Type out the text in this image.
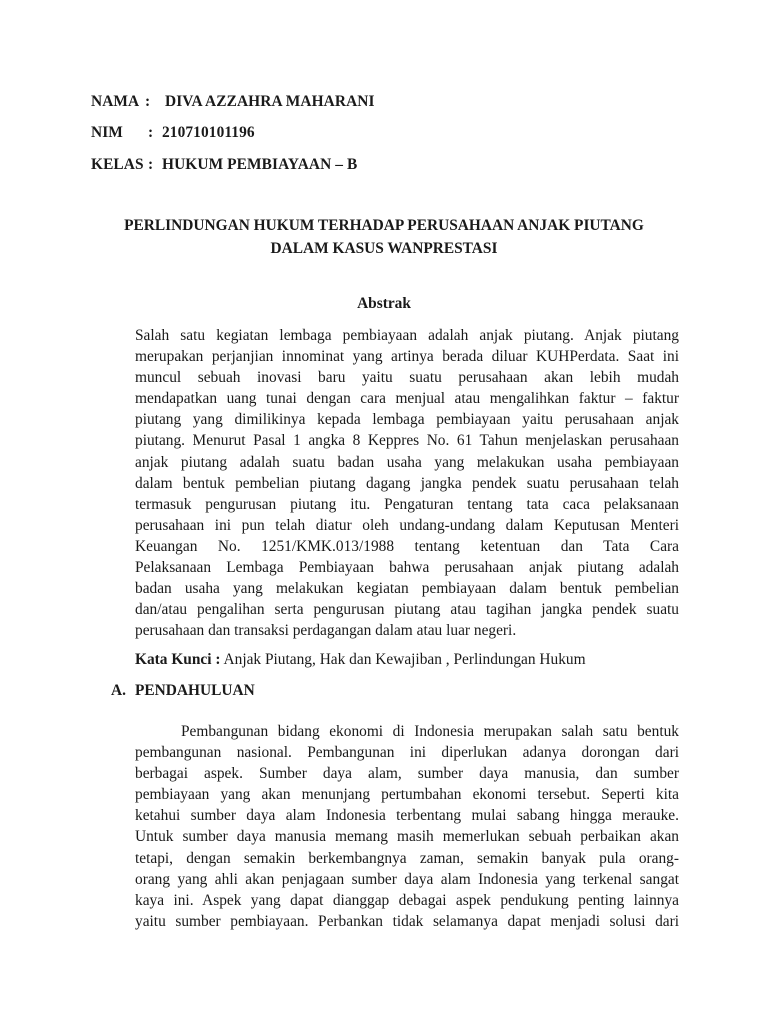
NAMA : DIVA AZZAHRA MAHARANI
NIM : 210710101196
KELAS : HUKUM PEMBIAYAAN – B
PERLINDUNGAN HUKUM TERHADAP PERUSAHAAN ANJAK PIUTANG
DALAM KASUS WANPRESTASI
Abstrak
Salah satu kegiatan lembaga pembiayaan adalah anjak piutang. Anjak piutang
merupakan perjanjian innominat yang artinya berada diluar KUHPerdata. Saat ini
muncul sebuah inovasi baru yaitu suatu perusahaan akan lebih mudah
mendapatkan uang tunai dengan cara menjual atau mengalihkan faktur – faktur
piutang yang dimilikinya kepada lembaga pembiayaan yaitu perusahaan anjak
piutang. Menurut Pasal 1 angka 8 Keppres No. 61 Tahun menjelaskan perusahaan
anjak piutang adalah suatu badan usaha yang melakukan usaha pembiayaan
dalam bentuk pembelian piutang dagang jangka pendek suatu perusahaan telah
termasuk pengurusan piutang itu. Pengaturan tentang tata caca pelaksanaan
perusahaan ini pun telah diatur oleh undang-undang dalam Keputusan Menteri
Keuangan No. 1251/KMK.013/1988 tentang ketentuan dan Tata Cara
Pelaksanaan Lembaga Pembiayaan bahwa perusahaan anjak piutang adalah
badan usaha yang melakukan kegiatan pembiayaan dalam bentuk pembelian
dan/atau pengalihan serta pengurusan piutang atau tagihan jangka pendek suatu
perusahaan dan transaksi perdagangan dalam atau luar negeri.
Kata Kunci : Anjak Piutang, Hak dan Kewajiban , Perlindungan Hukum
A. PENDAHULUAN
Pembangunan bidang ekonomi di Indonesia merupakan salah satu bentuk
pembangunan nasional. Pembangunan ini diperlukan adanya dorongan dari
berbagai aspek. Sumber daya alam, sumber daya manusia, dan sumber
pembiayaan yang akan menunjang pertumbahan ekonomi tersebut. Seperti kita
ketahui sumber daya alam Indonesia terbentang mulai sabang hingga merauke.
Untuk sumber daya manusia memang masih memerlukan sebuah perbaikan akan
tetapi, dengan semakin berkembangnya zaman, semakin banyak pula orang-
orang yang ahli akan penjagaan sumber daya alam Indonesia yang terkenal sangat
kaya ini. Aspek yang dapat dianggap debagai aspek pendukung penting lainnya
yaitu sumber pembiayaan. Perbankan tidak selamanya dapat menjadi solusi dari
